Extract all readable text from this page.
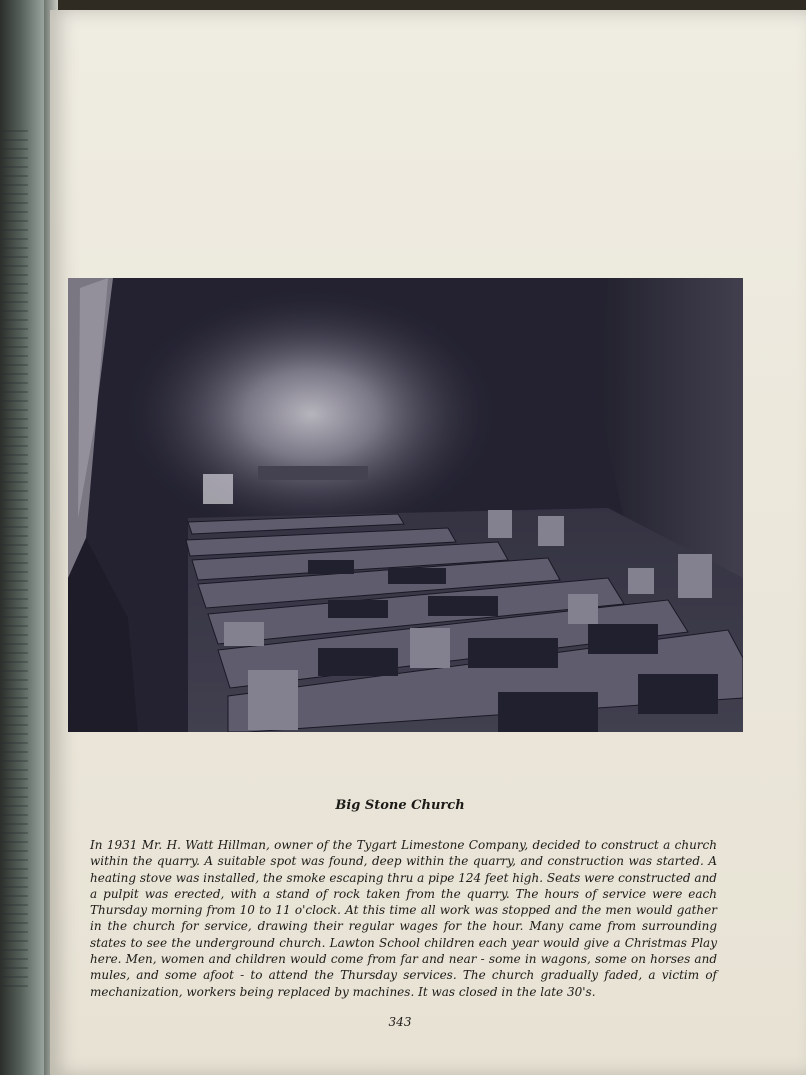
Big Stone Church

In 1931 Mr. H. Watt Hillman, owner of the Tygart Limestone Company, decided to construct a church within the quarry. A suitable spot was found, deep within the quarry, and construction was started. A heating stove was installed, the smoke escaping thru a pipe 124 feet high. Seats were constructed and a pulpit was erected, with a stand of rock taken from the quarry. The hours of service were each Thursday morning from 10 to 11 o'clock. At this time all work was stopped and the men would gather in the church for service, drawing their regular wages for the hour. Many came from surrounding states to see the underground church. Lawton School children each year would give a Christmas Play here. Men, women and children would come from far and near - some in wagons, some on horses and mules, and some afoot - to attend the Thursday services. The church gradually faded, a victim of mechanization, workers being replaced by machines. It was closed in the late 30's.

343
